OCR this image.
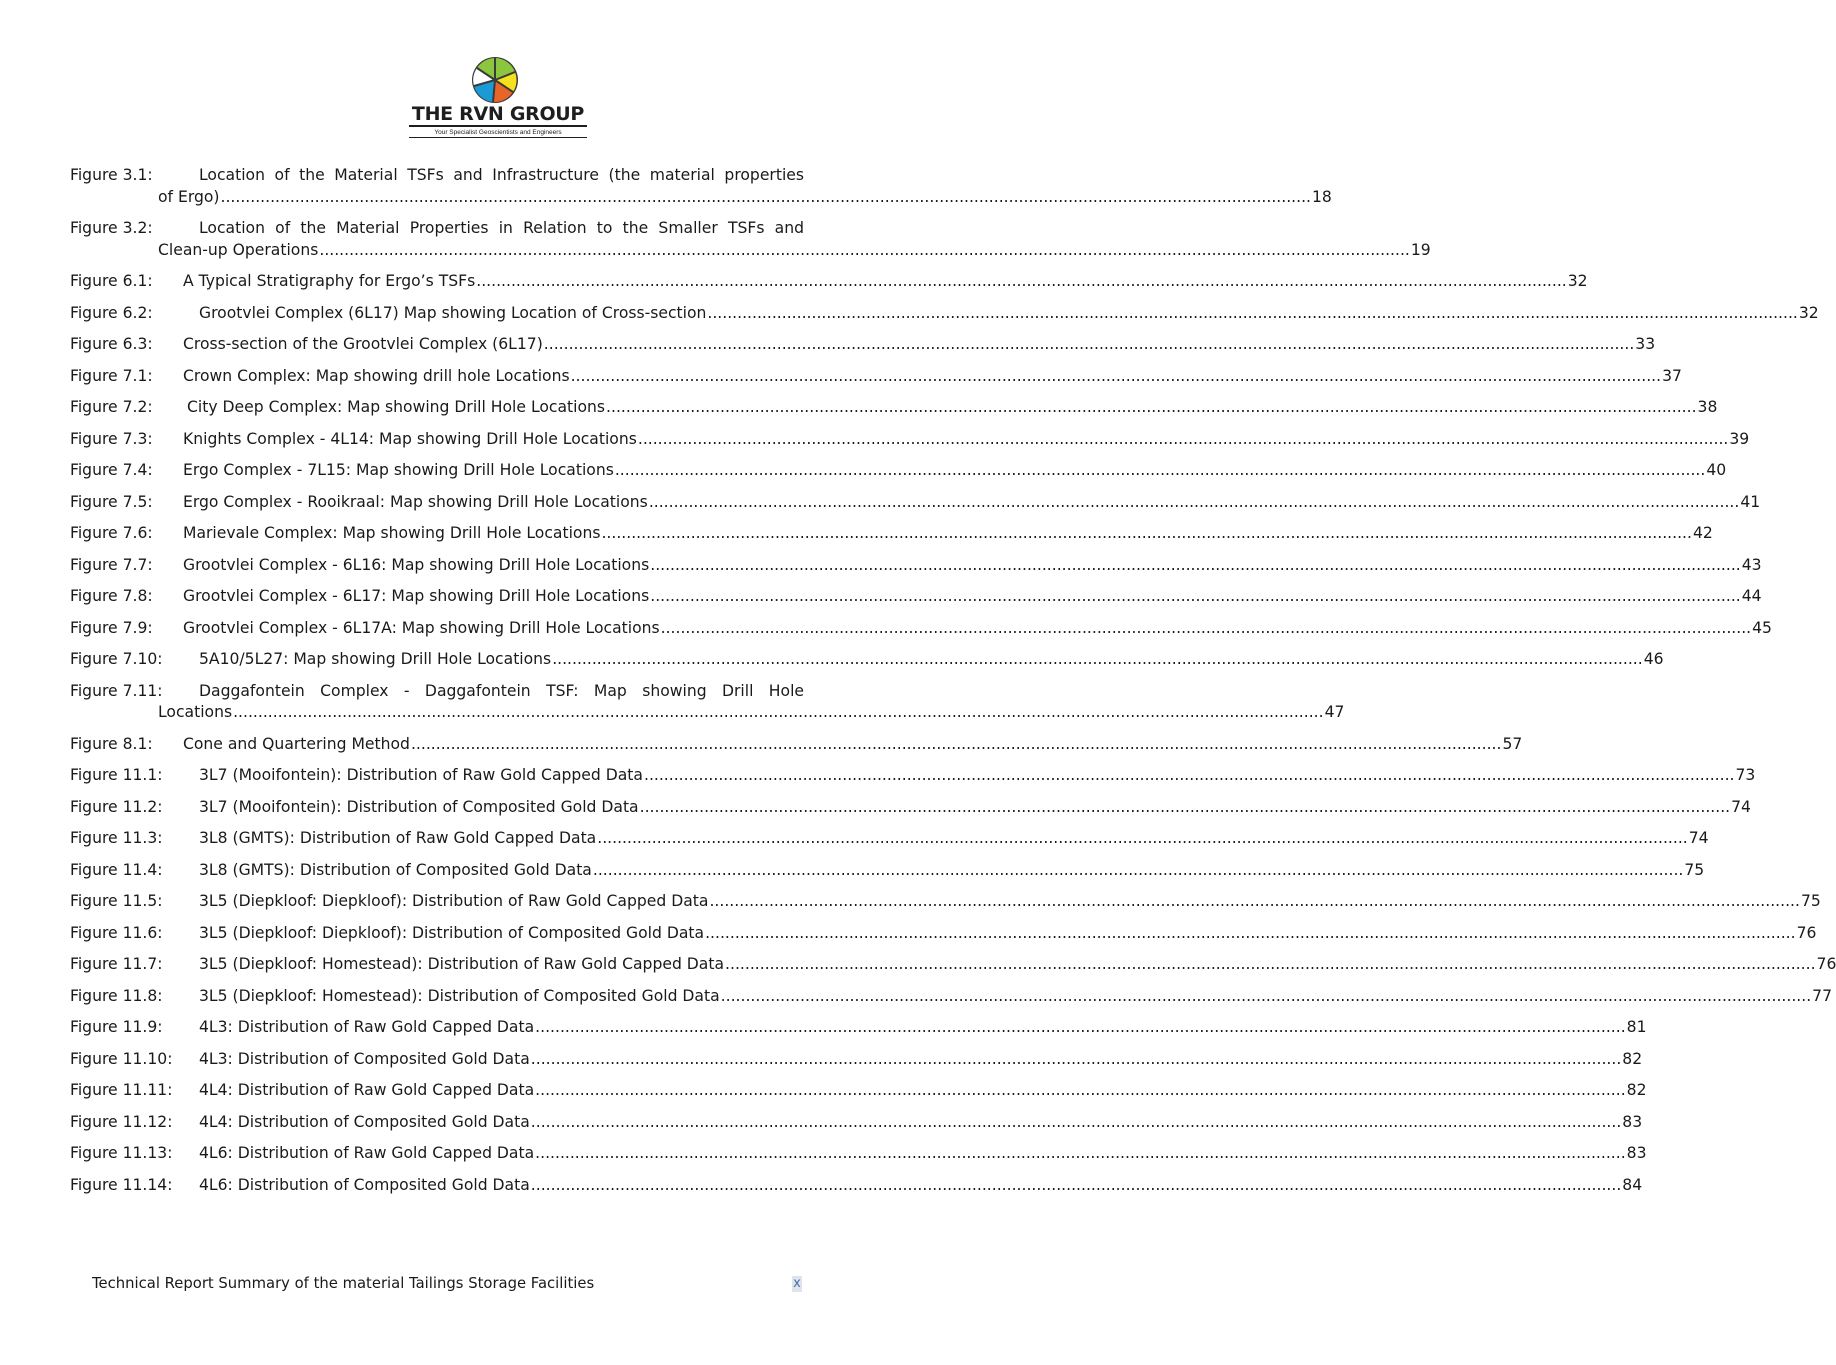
THE RVN GROUP
Your Specialist Geoscientists and Engineers
Figure 3.1:	Location of the Material TSFs and Infrastructure (the material properties
of Ergo) ............................................................................................................................................................................................................................ 18
Figure 3.2:	Location of the Material Properties in Relation to the Smaller TSFs and
Clean-up Operations ............................................................................................................................................................................................................................ 19
Figure 6.1: A Typical Stratigraphy for Ergo’s TSFs ............................................................................................................................................................................................................................ 32
Figure 6.2:	Grootvlei Complex (6L17) Map showing Location of Cross-section ............................................................................................................................................................................................................................ 32
Figure 6.3: Cross-section of the Grootvlei Complex (6L17) ............................................................................................................................................................................................................................ 33
Figure 7.1: Crown Complex: Map showing drill hole Locations ............................................................................................................................................................................................................................ 37
Figure 7.2: City Deep Complex: Map showing Drill Hole Locations ............................................................................................................................................................................................................................ 38
Figure 7.3: Knights Complex - 4L14: Map showing Drill Hole Locations ............................................................................................................................................................................................................................ 39
Figure 7.4: Ergo Complex - 7L15: Map showing Drill Hole Locations ............................................................................................................................................................................................................................ 40
Figure 7.5: Ergo Complex - Rooikraal: Map showing Drill Hole Locations ............................................................................................................................................................................................................................ 41
Figure 7.6: Marievale Complex: Map showing Drill Hole Locations ............................................................................................................................................................................................................................ 42
Figure 7.7: Grootvlei Complex - 6L16: Map showing Drill Hole Locations ............................................................................................................................................................................................................................ 43
Figure 7.8: Grootvlei Complex - 6L17: Map showing Drill Hole Locations ............................................................................................................................................................................................................................ 44
Figure 7.9: Grootvlei Complex - 6L17A: Map showing Drill Hole Locations ............................................................................................................................................................................................................................ 45
Figure 7.10: 5A10/5L27: Map showing Drill Hole Locations ............................................................................................................................................................................................................................ 46
Figure 7.11: Daggafontein Complex - Daggafontein TSF: Map showing Drill Hole
Locations ............................................................................................................................................................................................................................ 47
Figure 8.1: Cone and Quartering Method ............................................................................................................................................................................................................................ 57
Figure 11.1: 3L7 (Mooifontein): Distribution of Raw Gold Capped Data ............................................................................................................................................................................................................................ 73
Figure 11.2: 3L7 (Mooifontein): Distribution of Composited Gold Data ............................................................................................................................................................................................................................ 74
Figure 11.3: 3L8 (GMTS): Distribution of Raw Gold Capped Data ............................................................................................................................................................................................................................ 74
Figure 11.4: 3L8 (GMTS): Distribution of Composited Gold Data ............................................................................................................................................................................................................................ 75
Figure 11.5: 3L5 (Diepkloof: Diepkloof): Distribution of Raw Gold Capped Data ............................................................................................................................................................................................................................ 75
Figure 11.6: 3L5 (Diepkloof: Diepkloof): Distribution of Composited Gold Data ............................................................................................................................................................................................................................ 76
Figure 11.7: 3L5 (Diepkloof: Homestead): Distribution of Raw Gold Capped Data ............................................................................................................................................................................................................................ 76
Figure 11.8: 3L5 (Diepkloof: Homestead): Distribution of Composited Gold Data ............................................................................................................................................................................................................................ 77
Figure 11.9: 4L3: Distribution of Raw Gold Capped Data ............................................................................................................................................................................................................................ 81
Figure 11.10: 4L3: Distribution of Composited Gold Data ............................................................................................................................................................................................................................ 82
Figure 11.11: 4L4: Distribution of Raw Gold Capped Data ............................................................................................................................................................................................................................ 82
Figure 11.12: 4L4: Distribution of Composited Gold Data ............................................................................................................................................................................................................................ 83
Figure 11.13: 4L6: Distribution of Raw Gold Capped Data ............................................................................................................................................................................................................................ 83
Figure 11.14: 4L6: Distribution of Composited Gold Data ............................................................................................................................................................................................................................ 84
Technical Report Summary of the material Tailings Storage Facilities	x
